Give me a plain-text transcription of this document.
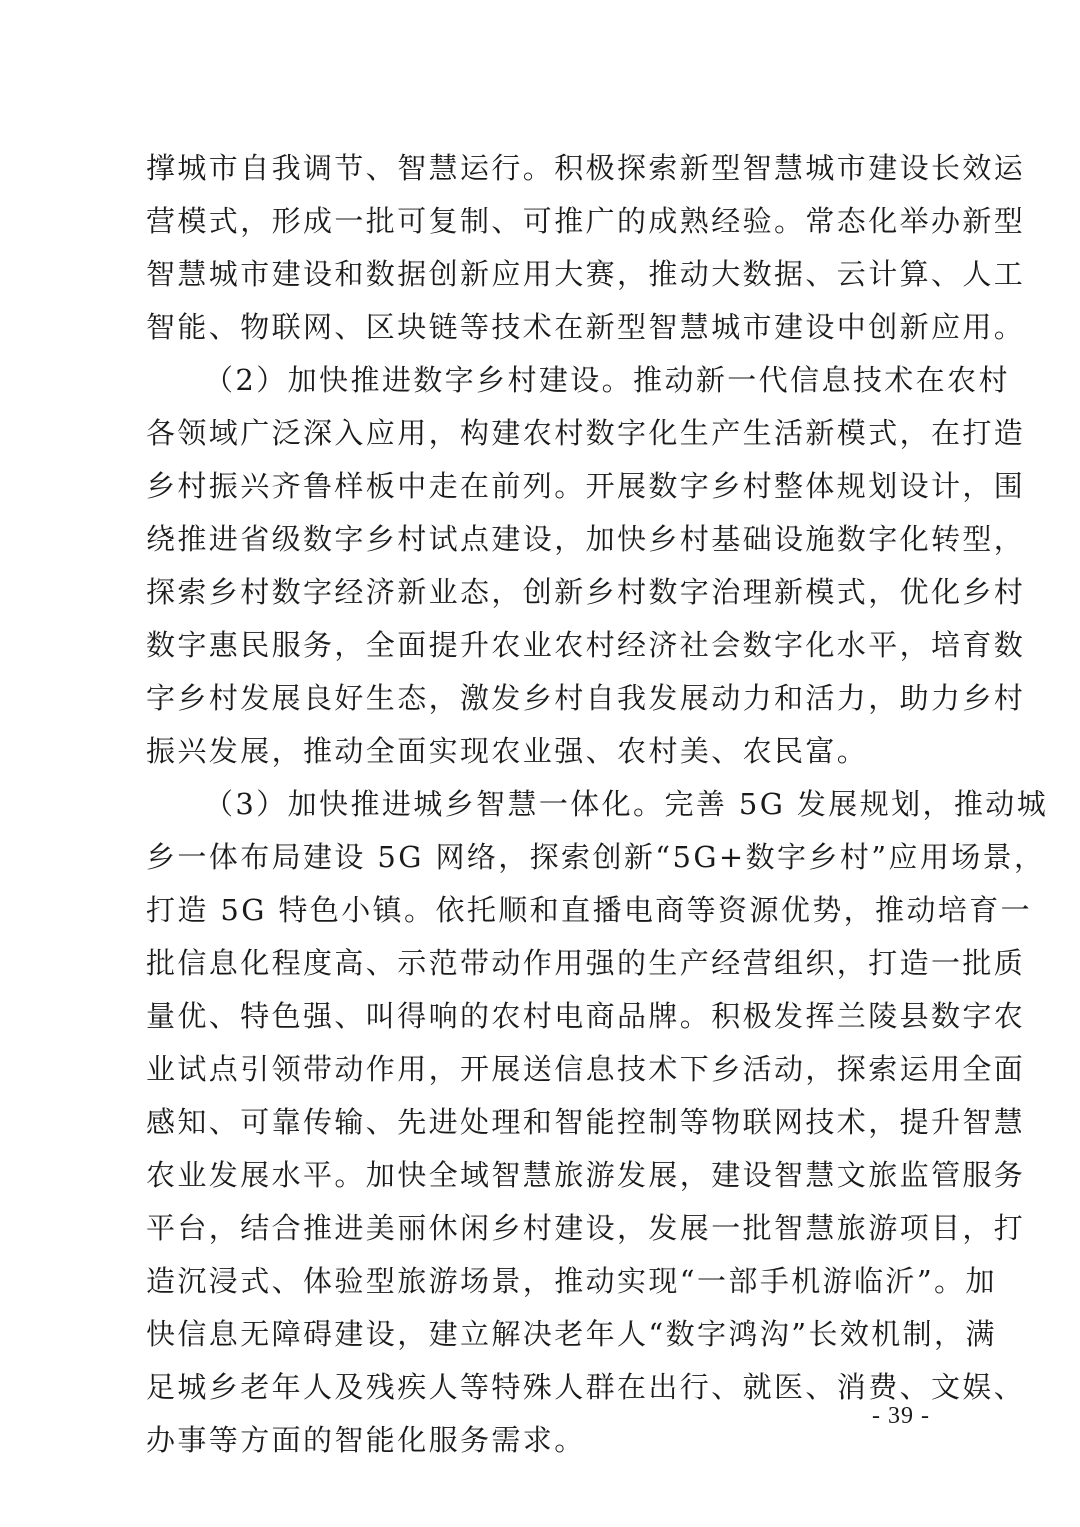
撑城市自我调节、智慧运行。积极探索新型智慧城市建设长效运
营模式，形成一批可复制、可推广的成熟经验。常态化举办新型
智慧城市建设和数据创新应用大赛，推动大数据、云计算、人工
智能、物联网、区块链等技术在新型智慧城市建设中创新应用。
（2）加快推进数字乡村建设。推动新一代信息技术在农村
各领域广泛深入应用，构建农村数字化生产生活新模式，在打造
乡村振兴齐鲁样板中走在前列。开展数字乡村整体规划设计，围
绕推进省级数字乡村试点建设，加快乡村基础设施数字化转型，
探索乡村数字经济新业态，创新乡村数字治理新模式，优化乡村
数字惠民服务，全面提升农业农村经济社会数字化水平，培育数
字乡村发展良好生态，激发乡村自我发展动力和活力，助力乡村
振兴发展，推动全面实现农业强、农村美、农民富。
（3）加快推进城乡智慧一体化。完善 5G 发展规划，推动城
乡一体布局建设 5G 网络，探索创新“5G+数字乡村”应用场景，
打造 5G 特色小镇。依托顺和直播电商等资源优势，推动培育一
批信息化程度高、示范带动作用强的生产经营组织，打造一批质
量优、特色强、叫得响的农村电商品牌。积极发挥兰陵县数字农
业试点引领带动作用，开展送信息技术下乡活动，探索运用全面
感知、可靠传输、先进处理和智能控制等物联网技术，提升智慧
农业发展水平。加快全域智慧旅游发展，建设智慧文旅监管服务
平台，结合推进美丽休闲乡村建设，发展一批智慧旅游项目，打
造沉浸式、体验型旅游场景，推动实现“一部手机游临沂”。加
快信息无障碍建设，建立解决老年人“数字鸿沟”长效机制，满
足城乡老年人及残疾人等特殊人群在出行、就医、消费、文娱、
办事等方面的智能化服务需求。
- 39 -
